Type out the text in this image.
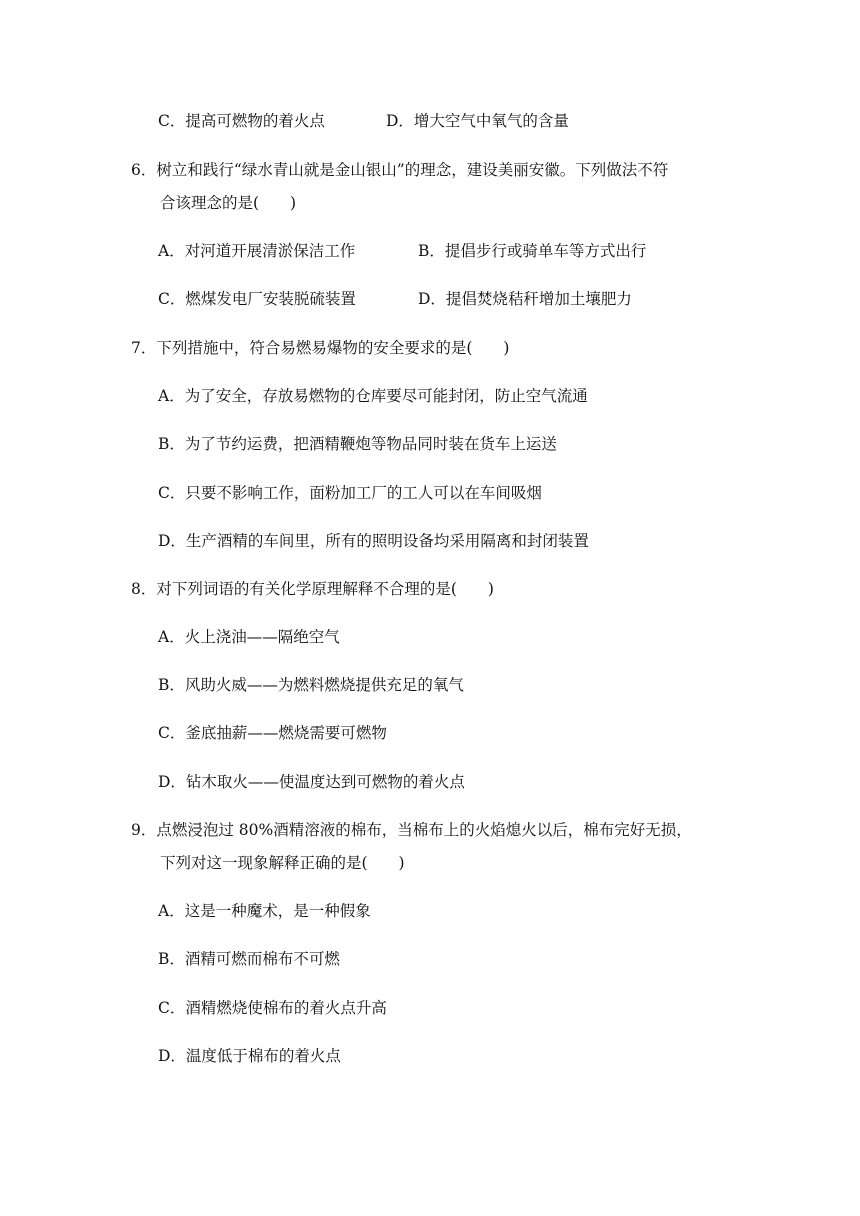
C．提高可燃物的着火点	D．增大空气中氧气的含量
6．树立和践行“绿水青山就是金山银山”的理念，建设美丽安徽。下列做法不符
合该理念的是(　　)
A．对河道开展清淤保洁工作	B．提倡步行或骑单车等方式出行
C．燃煤发电厂安装脱硫装置	D．提倡焚烧秸秆增加土壤肥力
7．下列措施中，符合易燃易爆物的安全要求的是(　　)
A．为了安全，存放易燃物的仓库要尽可能封闭，防止空气流通
B．为了节约运费，把酒精鞭炮等物品同时装在货车上运送
C．只要不影响工作，面粉加工厂的工人可以在车间吸烟
D．生产酒精的车间里，所有的照明设备均采用隔离和封闭装置
8．对下列词语的有关化学原理解释不合理的是(　　)
A．火上浇油——隔绝空气
B．风助火威——为燃料燃烧提供充足的氧气
C．釜底抽薪——燃烧需要可燃物
D．钻木取火——使温度达到可燃物的着火点
9．点燃浸泡过 80%酒精溶液的棉布，当棉布上的火焰熄火以后，棉布完好无损，
下列对这一现象解释正确的是(　　)
A．这是一种魔术，是一种假象
B．酒精可燃而棉布不可燃
C．酒精燃烧使棉布的着火点升高
D．温度低于棉布的着火点
